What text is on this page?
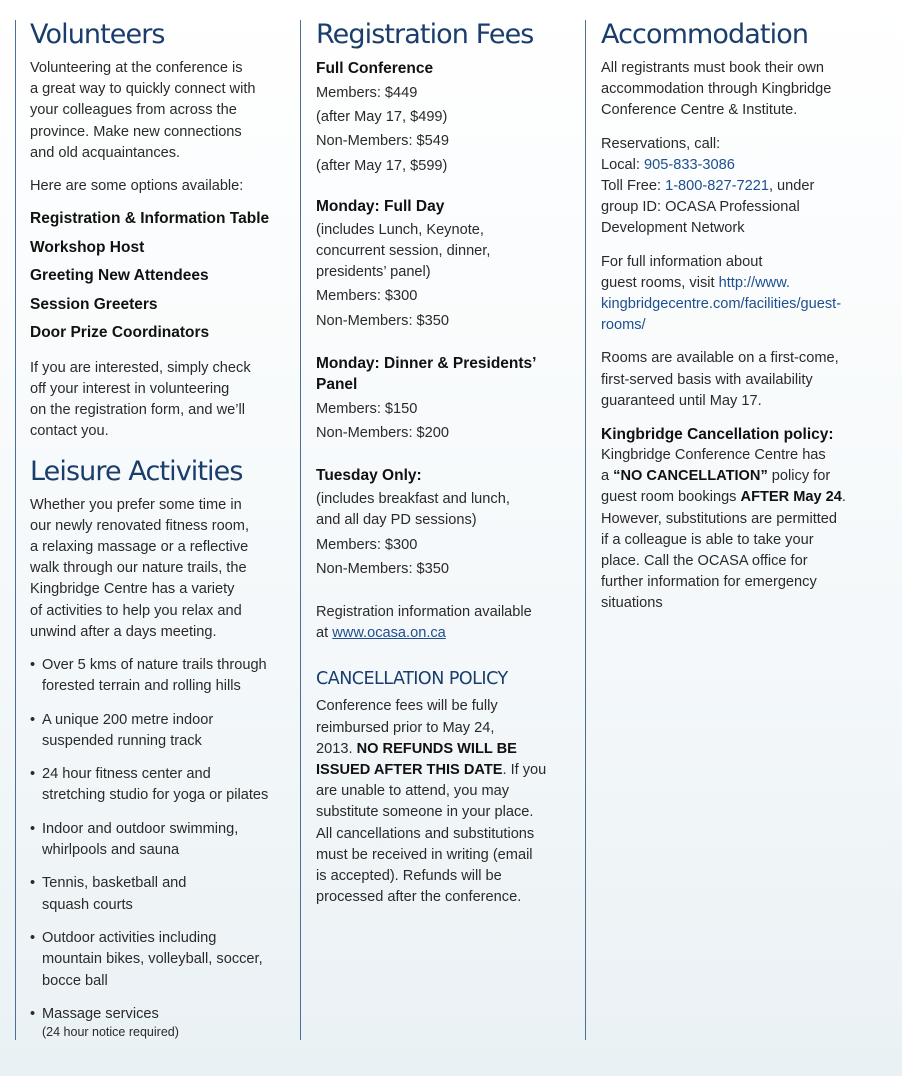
Volunteers

Volunteering at the conference is
a great way to quickly connect with
your colleagues from across the
province. Make new connections
and old acquaintances.

Here are some options available:

Registration & Information Table

Workshop Host

Greeting New Attendees

Session Greeters

Door Prize Coordinators

If you are interested, simply check
off your interest in volunteering
on the registration form, and we’ll
contact you.

Leisure Activities

Whether you prefer some time in
our newly renovated fitness room,
a relaxing massage or a reflective
walk through our nature trails, the
Kingbridge Centre has a variety
of activities to help you relax and
unwind after a days meeting.

• Over 5 kms of nature trails through
forested terrain and rolling hills
• A unique 200 metre indoor
suspended running track
• 24 hour fitness center and
stretching studio for yoga or pilates
• Indoor and outdoor swimming,
whirlpools and sauna
• Tennis, basketball and
squash courts
• Outdoor activities including
mountain bikes, volleyball, soccer,
bocce ball
• Massage services
(24 hour notice required)
Registration Fees

Full Conference

Members: $449

(after May 17, $499)

Non-Members: $549

(after May 17, $599)

Monday: Full Day

(includes Lunch, Keynote,
concurrent session, dinner,
presidents’ panel)

Members: $300

Non-Members: $350

Monday: Dinner & Presidents’
Panel

Members: $150

Non-Members: $200

Tuesday Only:

(includes breakfast and lunch,
and all day PD sessions)

Members: $300

Non-Members: $350

Registration information available
at www.ocasa.on.ca

CANCELLATION POLICY

Conference fees will be fully
reimbursed prior to May 24,
2013. NO REFUNDS WILL BE
ISSUED AFTER THIS DATE. If you
are unable to attend, you may
substitute someone in your place.
All cancellations and substitutions
must be received in writing (email
is accepted). Refunds will be
processed after the conference.

Accommodation

All registrants must book their own
accommodation through Kingbridge
Conference Centre & Institute.

Reservations, call:
Local: 905-833-3086
Toll Free: 1-800-827-7221, under
group ID: OCASA Professional
Development Network

For full information about
guest rooms, visit http://www.
kingbridgecentre.com/facilities/guest-
rooms/

Rooms are available on a first-come,
first-served basis with availability
guaranteed until May 17.

Kingbridge Cancellation policy:

Kingbridge Conference Centre has
a “NO CANCELLATION” policy for
guest room bookings AFTER May 24.
However, substitutions are permitted
if a colleague is able to take your
place. Call the OCASA office for
further information for emergency
situations
